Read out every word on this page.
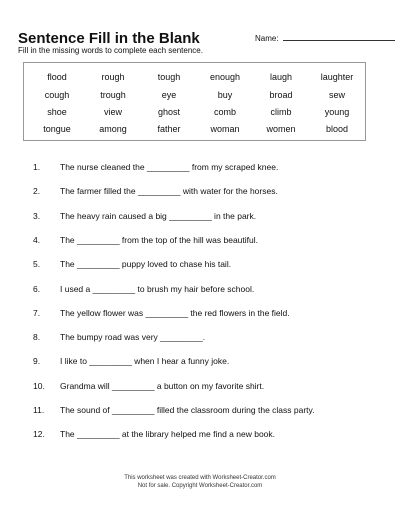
Sentence Fill in the Blank	Name:
Fill in the missing words to complete each sentence.
flood	rough	tough	enough	laugh	laughter
cough	trough	eye	buy	broad	sew
shoe	view	ghost	comb	climb	young
tongue	among	father	woman	women	blood
1. The nurse cleaned the _________ from my scraped knee.
2. The farmer filled the _________ with water for the horses.
3. The heavy rain caused a big _________ in the park.
4. The _________ from the top of the hill was beautiful.
5. The _________ puppy loved to chase his tail.
6. I used a _________ to brush my hair before school.
7. The yellow flower was _________ the red flowers in the field.
8. The bumpy road was very _________.
9. I like to _________ when I hear a funny joke.
10. Grandma will _________ a button on my favorite shirt.
11. The sound of _________ filled the classroom during the class party.
12. The _________ at the library helped me find a new book.
This worksheet was created with Worksheet-Creator.com
Not for sale. Copyright Worksheet-Creator.com
